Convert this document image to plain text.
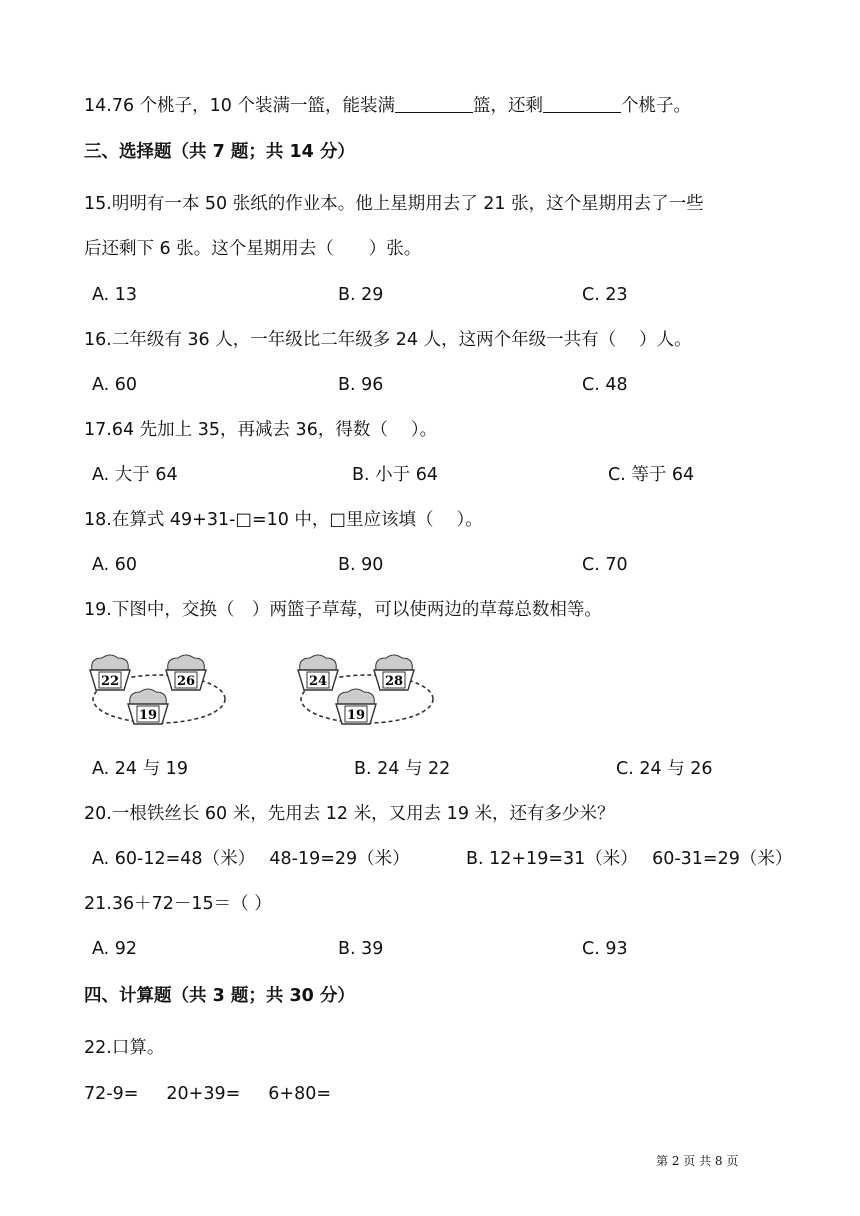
14.76 个桃子，10 个装满一篮，能装满	篮，还剩	个桃子。
三、选择题（共 7 题；共 14 分）
15.明明有一本 50 张纸的作业本。他上星期用去了 21 张，这个星期用去了一些
后还剩下 6 张。这个星期用去（　　）张。
A. 13	B. 29	C. 23
16.二年级有 36 人，一年级比二年级多 24 人，这两个年级一共有（　 ）人。
A. 60	B. 96	C. 48
17.64 先加上 35，再减去 36，得数（　 ）。
A. 大于 64	B. 小于 64	C. 等于 64
18.在算式 49+31-□=10 中，□里应该填（　 ）。
A. 60	B. 90	C. 70
19.下图中，交换（　）两篮子草莓，可以使两边的草莓总数相等。
22	26
19
24	28
19
A. 24 与 19	B. 24 与 22	C. 24 与 26
20.一根铁丝长 60 米，先用去 12 米，又用去 19 米，还有多少米？
A. 60-12=48（米）　 48-19=29（米）	B. 12+19=31（米）　 60-31=29（米）
21.36＋72－15＝（ ）
A. 92	B. 39	C. 93
四、计算题（共 3 题；共 30 分）
22.口算。
72-9= 20+39= 6+80=
第 2 页 共 8 页
